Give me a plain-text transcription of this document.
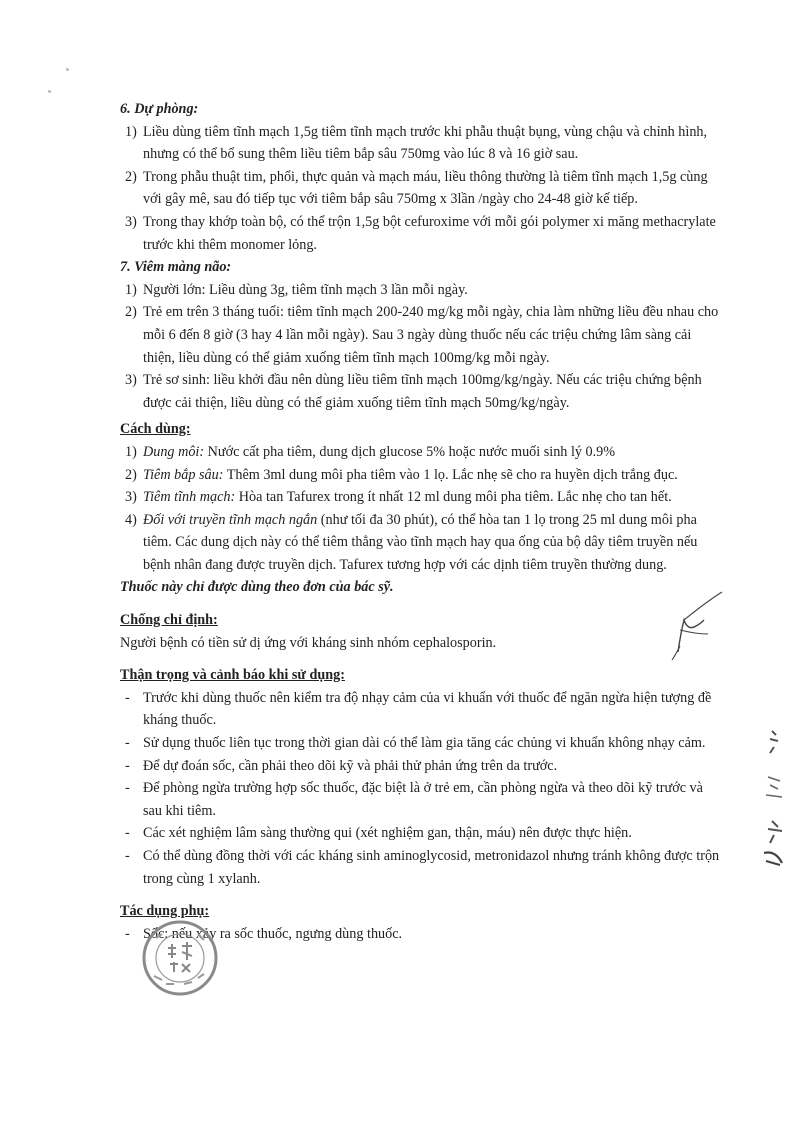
6. Dự phòng:

1) Liều dùng tiêm tĩnh mạch 1,5g tiêm tĩnh mạch trước khi phẫu thuật bụng, vùng chậu và chỉnh hình, nhưng có thể bổ sung thêm liều tiêm bắp sâu 750mg vào lúc 8 và 16 giờ sau.

2) Trong phẫu thuật tim, phổi, thực quản và mạch máu, liều thông thường là tiêm tĩnh mạch 1,5g cùng với gây mê, sau đó tiếp tục với tiêm bắp sâu 750mg x 3lần /ngày cho 24-48 giờ kế tiếp.

3) Trong thay khớp toàn bộ, có thể trộn 1,5g bột cefuroxime với mỗi gói polymer xi măng methacrylate trước khi thêm monomer lỏng.

7. Viêm màng não:

1) Người lớn: Liều dùng 3g, tiêm tĩnh mạch 3 lần mỗi ngày.

2) Trẻ em trên 3 tháng tuổi: tiêm tĩnh mạch 200-240 mg/kg mỗi ngày, chia làm những liều đều nhau cho mỗi 6 đến 8 giờ (3 hay 4 lần mỗi ngày). Sau 3 ngày dùng thuốc nếu các triệu chứng lâm sàng cải thiện, liều dùng có thể giảm xuống tiêm tĩnh mạch 100mg/kg mỗi ngày.

3) Trẻ sơ sinh: liều khởi đầu nên dùng liều tiêm tĩnh mạch 100mg/kg/ngày. Nếu các triệu chứng bệnh được cải thiện, liều dùng có thể giảm xuống tiêm tĩnh mạch 50mg/kg/ngày.

Cách dùng:

1) Dung môi: Nước cất pha tiêm, dung dịch glucose 5% hoặc nước muối sinh lý 0.9%

2) Tiêm bắp sâu: Thêm 3ml dung môi pha tiêm vào 1 lọ. Lắc nhẹ sẽ cho ra huyền dịch trắng đục.

3) Tiêm tĩnh mạch: Hòa tan Tafurex trong ít nhất 12 ml dung môi pha tiêm. Lắc nhẹ cho tan hết.

4) Đối với truyền tĩnh mạch ngắn (như tối đa 30 phút), có thể hòa tan 1 lọ trong 25 ml dung môi pha tiêm. Các dung dịch này có thể tiêm thẳng vào tĩnh mạch hay qua ống của bộ dây tiêm truyền nếu bệnh nhân đang được truyền dịch. Tafurex tương hợp với các dịnh tiêm truyền thường dung.

Thuốc này chỉ được dùng theo đơn của bác sỹ.

Chống chỉ định:

Người bệnh có tiền sử dị ứng với kháng sinh nhóm cephalosporin.

Thận trọng và cảnh báo khi sử dụng:

- Trước khi dùng thuốc nên kiểm tra độ nhạy cảm của vi khuẩn với thuốc để ngăn ngừa hiện tượng đề kháng thuốc.

- Sử dụng thuốc liên tục trong thời gian dài có thể làm gia tăng các chủng vi khuẩn không nhạy cảm.

- Để dự đoán sốc, cần phải theo dõi kỹ và phải thử phản ứng trên da trước.

- Để phòng ngừa trường hợp sốc thuốc, đặc biệt là ở trẻ em, cần phòng ngừa và theo dõi kỹ trước và sau khi tiêm.

- Các xét nghiệm lâm sàng thường qui (xét nghiệm gan, thận, máu) nên được thực hiện.

- Có thể dùng đồng thời với các kháng sinh aminoglycosid, metronidazol nhưng tránh không được trộn trong cùng 1 xylanh.

Tác dụng phụ:

- Sốc: nếu xảy ra sốc thuốc, ngưng dùng thuốc.
